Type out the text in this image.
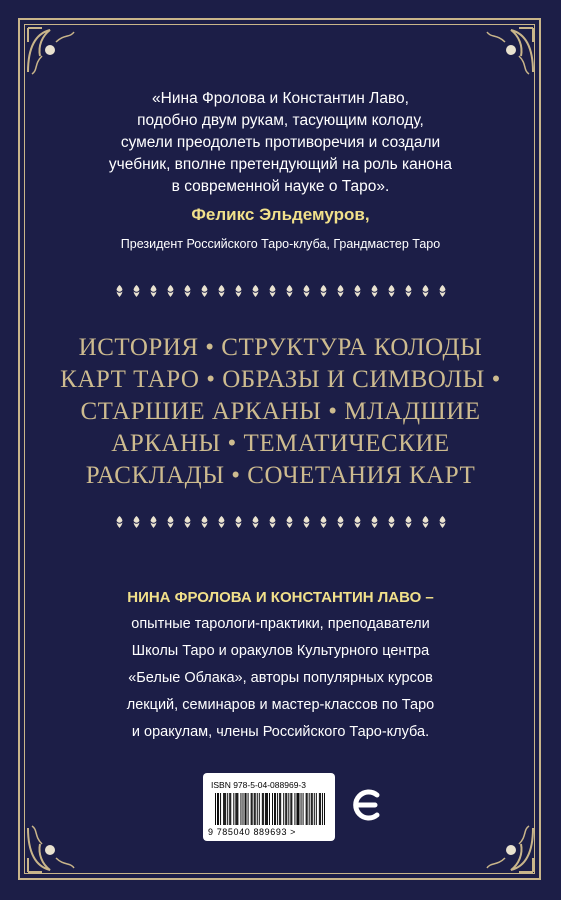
«Нина Фролова и Константин Лаво,
подобно двум рукам, тасующим колоду,
сумели преодолеть противоречия и создали
учебник, вполне претендующий на роль канона
в современной науке о Таро».
Феликс Эльдемуров,
Президент Российского Таро-клуба, Грандмастер Таро
ИСТОРИЯ • СТРУКТУРА КОЛОДЫ
КАРТ ТАРО • ОБРАЗЫ И СИМВОЛЫ •
СТАРШИЕ АРКАНЫ • МЛАДШИЕ
АРКАНЫ • ТЕМАТИЧЕСКИЕ
РАСКЛАДЫ • СОЧЕТАНИЯ КАРТ
НИНА ФРОЛОВА И КОНСТАНТИН ЛАВО –
опытные тарологи-практики, преподаватели
Школы Таро и оракулов Культурного центра
«Белые Облака», авторы популярных курсов
лекций, семинаров и мастер-классов по Таро
и оракулам, члены Российского Таро-клуба.
ISBN 978-5-04-088969-3
9 785040 889693 >
